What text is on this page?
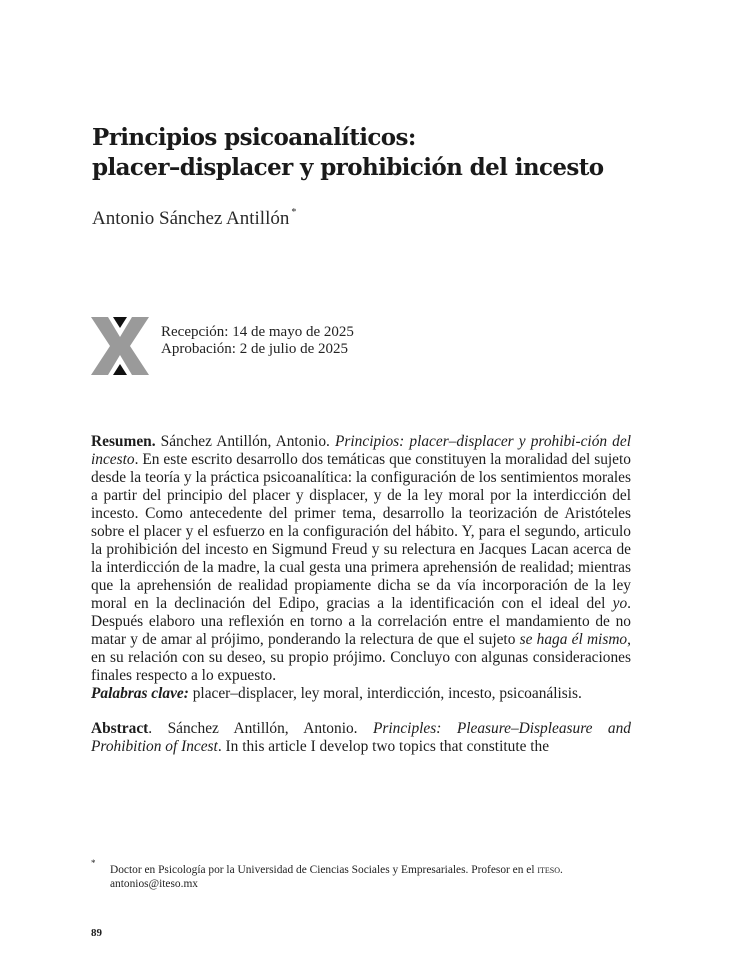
Principios psicoanalíticos:
placer–displacer y prohibición del incesto
Antonio Sánchez Antillón *
Recepción: 14 de mayo de 2025
Aprobación: 2 de julio de 2025

Resumen. Sánchez Antillón, Antonio. Principios: placer–displacer y prohibi-ción del incesto. En este escrito desarrollo dos temáticas que constituyen la moralidad del sujeto desde la teoría y la práctica psicoanalítica: la configuración de los sentimientos morales a partir del principio del placer y displacer, y de la ley moral por la interdicción del incesto. Como antecedente del primer tema, desarrollo la teorización de Aristóteles sobre el placer y el esfuerzo en la configuración del hábito. Y, para el segundo, articulo la prohibición del incesto en Sigmund Freud y su relectura en Jacques Lacan acerca de la interdicción de la madre, la cual gesta una primera aprehensión de realidad; mientras que la aprehensión de realidad propiamente dicha se da vía incorporación de la ley moral en la declinación del Edipo, gracias a la identificación con el ideal del yo. Después elaboro una reflexión en torno a la correlación entre el mandamiento de no matar y de amar al prójimo, ponderando la relectura de que el sujeto se haga él mismo, en su relación con su deseo, su propio prójimo. Concluyo con algunas consideraciones finales respecto a lo expuesto.

Palabras clave: placer–displacer, ley moral, interdicción, incesto, psicoanálisis.

Abstract. Sánchez Antillón, Antonio. Principles: Pleasure–Displeasure and Prohibition of Incest. In this article I develop two topics that constitute the

*
Doctor en Psicología por la Universidad de Ciencias Sociales y Empresariales. Profesor en el iteso.
antonios@iteso.mx
89
